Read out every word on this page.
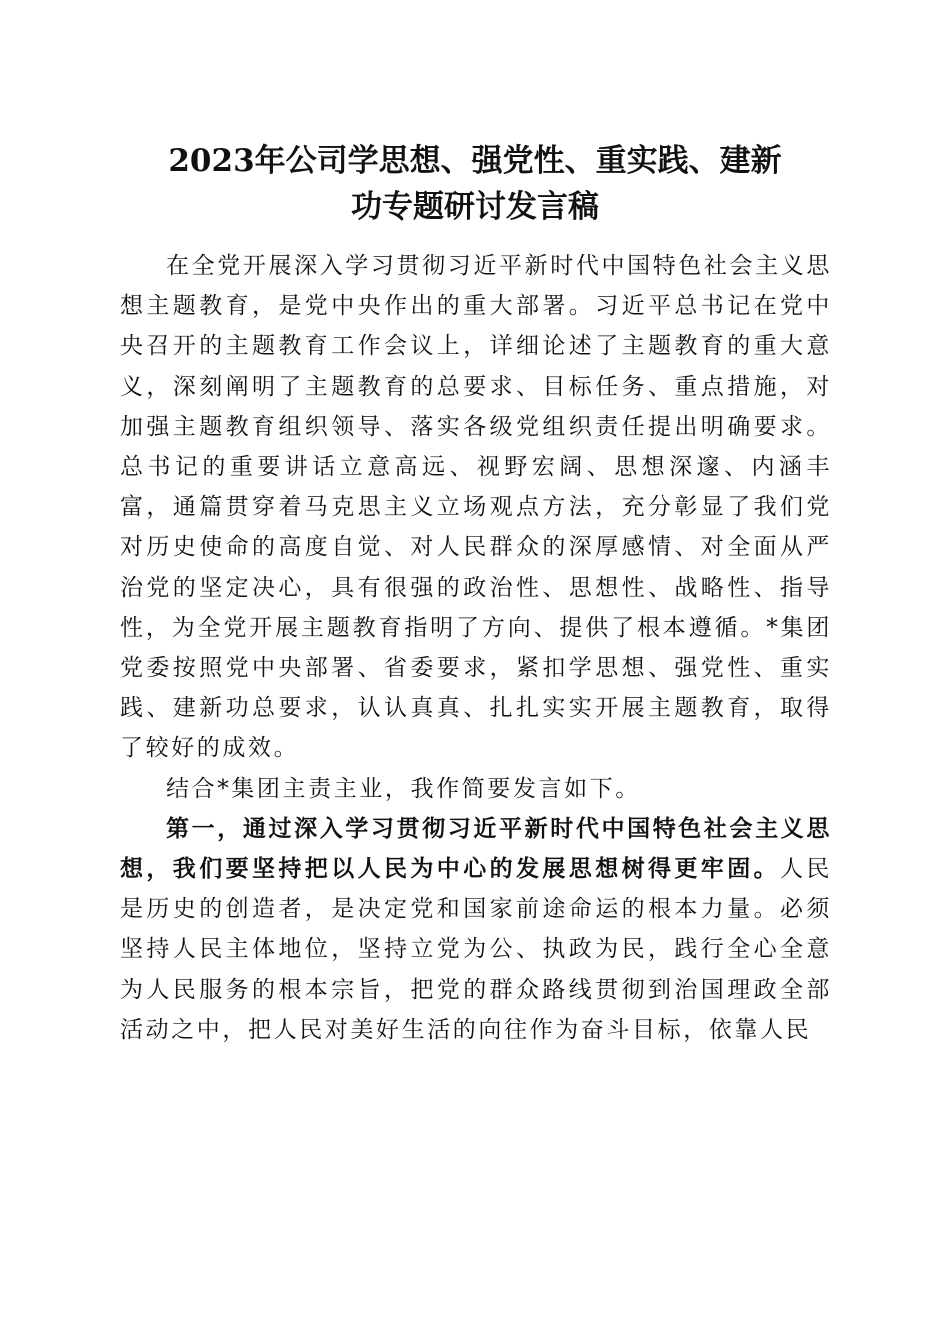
2023年公司学思想、强党性、重实践、建新
功专题研讨发言稿

在全党开展深入学习贯彻习近平新时代中国特色社会主义思想主题教育，是党中央作出的重大部署。习近平总书记在党中央召开的主题教育工作会议上，详细论述了主题教育的重大意义，深刻阐明了主题教育的总要求、目标任务、重点措施，对加强主题教育组织领导、落实各级党组织责任提出明确要求。总书记的重要讲话立意高远、视野宏阔、思想深邃、内涵丰富，通篇贯穿着马克思主义立场观点方法，充分彰显了我们党对历史使命的高度自觉、对人民群众的深厚感情、对全面从严治党的坚定决心，具有很强的政治性、思想性、战略性、指导性，为全党开展主题教育指明了方向、提供了根本遵循。*集团党委按照党中央部署、省委要求，紧扣学思想、强党性、重实践、建新功总要求，认认真真、扎扎实实开展主题教育，取得了较好的成效。

结合*集团主责主业，我作简要发言如下。

第一，通过深入学习贯彻习近平新时代中国特色社会主义思想，我们要坚持把以人民为中心的发展思想树得更牢固。人民是历史的创造者，是决定党和国家前途命运的根本力量。必须坚持人民主体地位，坚持立党为公、执政为民，践行全心全意为人民服务的根本宗旨，把党的群众路线贯彻到治国理政全部活动之中，把人民对美好生活的向往作为奋斗目标，依靠人民
